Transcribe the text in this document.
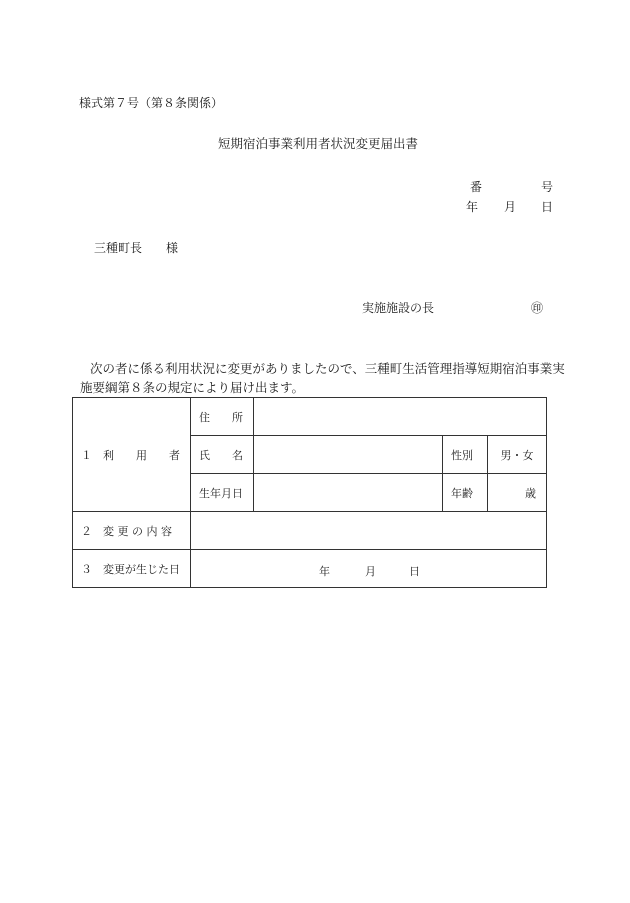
様式第７号（第８条関係）
短期宿泊事業利用者状況変更届出書
番	号
年 月 日
三種町長 様
実施施設の長	㊞
次の者に係る利用状況に変更がありましたので、三種町生活管理指導短期宿泊事業実
施要綱第８条の規定により届け出ます。
１　利　　用　　者	住　　所			
	氏　　名		性別	男・女
	生年月日		年齢	歳
２　変 更 の 内 容				
３　変更が生じた日	年 月 日			
